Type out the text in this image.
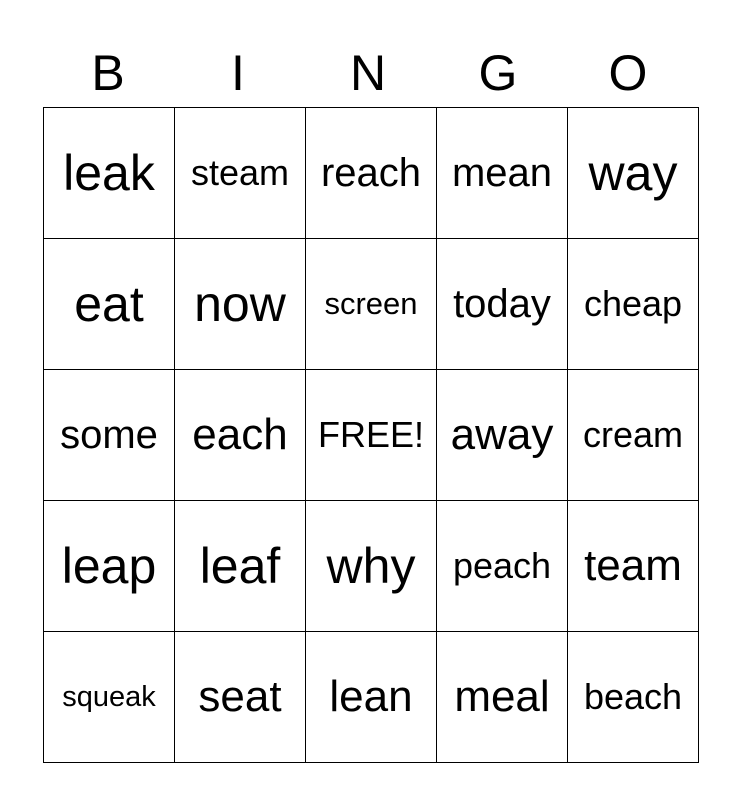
B	I	N	G	O
leak	steam	reach	mean	way
eat	now	screen	today	cheap
some	each	FREE!	away	cream
leap	leaf	why	peach	team
squeak	seat	lean	meal	beach
